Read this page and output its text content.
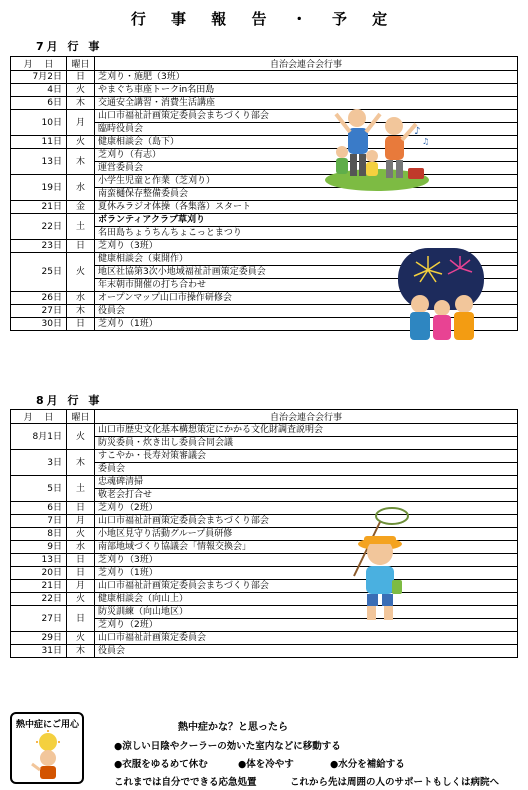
行 事 報 告 ・ 予 定
7月 行 事
月　 日	曜日	自治会連合会行事
7月2日	日	芝刈り・施肥（3班）

4日	火	やまぐち車座トークin名田島

6日	木	交通安全講習・消費生活講座

10日	月	山口市福祉計画策定委員会まちづくり部会
臨時役員会

11日	火	健康相談会（島下）

13日	木	芝刈り（有志）
運営委員会

19日	水	小学生児童と作業（芝刈り）
南蛮樋保存整備委員会

21日	金	夏休みラジオ体操（各集落）スタート

22日	土	ボランティアクラブ草刈り
名田島ちょうちんちょこっとまつり

23日	日	芝刈り（3班）

25日	火	健康相談会（東開作）
地区社協第3次小地域福祉計画策定委員会
年末朝市開催の打ち合わせ

26日	水	オープンマップ山口市操作研修会

27日	木	役員会

30日	日	芝刈り（1班）
8月 行 事
月　 日	曜日	自治会連合会行事
8月1日	火	山口市歴史文化基本構想策定にかかる文化財調査説明会
防災委員・炊き出し委員合同会議

3日	木	すこやか・長寿対策審議会
委員会

5日	土	忠魂碑清掃
敬老会打合せ

6日	日	芝刈り（2班）

7日	月	山口市福祉計画策定委員会まちづくり部会

8日	火	小地区見守り活動グループ員研修

9日	水	南部地域づくり協議会「情報交換会」

13日	日	芝刈り（3班）

20日	日	芝刈り（1班）

21日	月	山口市福祉計画策定委員会まちづくり部会

22日	火	健康相談会（向山上）

27日	日	防災訓練（向山地区）
芝刈り（2班）

29日	火	山口市福祉計画策定委員会

31日	木	役員会
♪
♫
熱中症にご用心	熱中症かな？と思ったら
●涼しい日陰やクーラーの効いた室内などに移動する
●衣服をゆるめて休む	●体を冷やす	●水分を補給する
これまでは自分でできる応急処置	これから先は周囲の人のサポートもしくは病院へ
